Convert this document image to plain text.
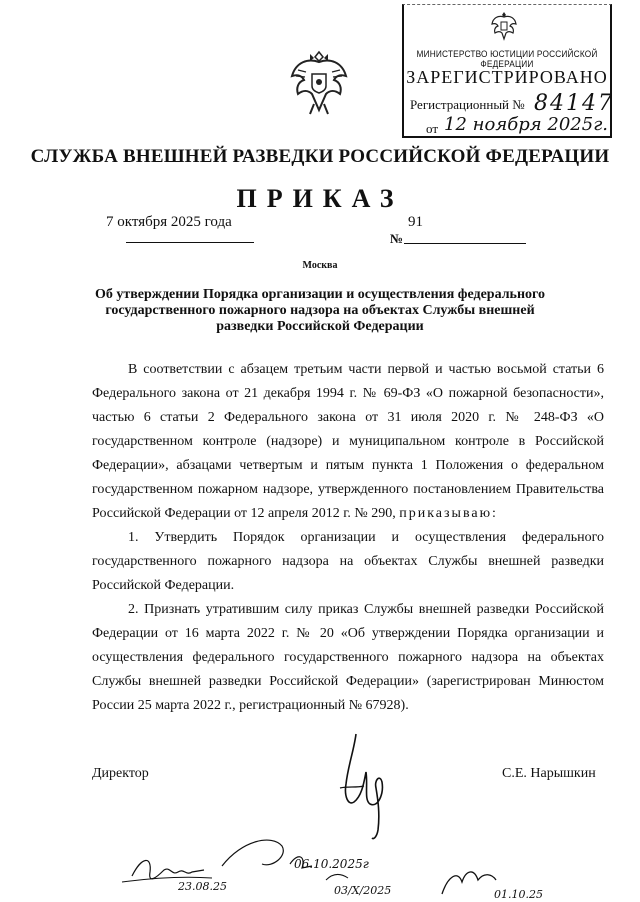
МИНИСТЕРСТВО ЮСТИЦИИ РОССИЙСКОЙ ФЕДЕРАЦИИ
ЗАРЕГИСТРИРОВАНО
Регистрационный № 84147
от 12 ноября 2025г.
СЛУЖБА ВНЕШНЕЙ РАЗВЕДКИ РОССИЙСКОЙ ФЕДЕРАЦИИ
ПРИКАЗ
7 октября 2025 года	91
№
Москва
Об утверждении Порядка организации и осуществления федерального государственного пожарного надзора на объектах Службы внешней разведки Российской Федерации

В соответствии с абзацем третьим части первой и частью восьмой статьи 6 Федерального закона от 21 декабря 1994 г. № 69-ФЗ «О пожарной безопасности», частью 6 статьи 2 Федерального закона от 31 июля 2020 г. № 248-ФЗ «О государственном контроле (надзоре) и муниципальном контроле в Российской Федерации», абзацами четвертым и пятым пункта 1 Положения о федеральном государственном пожарном надзоре, утвержденного постановлением Правительства Российской Федерации от 12 апреля 2012 г. № 290, приказываю:

1. Утвердить Порядок организации и осуществления федерального государственного пожарного надзора на объектах Службы внешней разведки Российской Федерации.

2. Признать утратившим силу приказ Службы внешней разведки Российской Федерации от 16 марта 2022 г. № 20 «Об утверждении Порядка организации и осуществления федерального государственного пожарного надзора на объектах Службы внешней разведки Российской Федерации» (зарегистрирован Минюстом России 25 марта 2022 г., регистрационный № 67928).

Директор	С.Е. Нарышкин
23.08.25
06.10.2025г
03/X/2025	01.10.25
